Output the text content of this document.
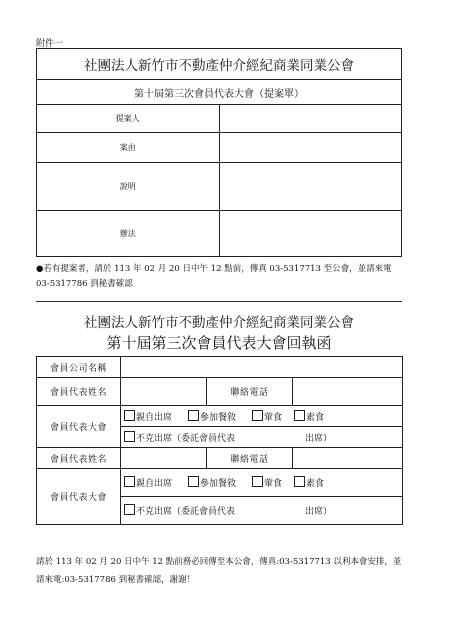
附件一
社團法人新竹市不動產仲介經紀商業同業公會	
第十屆第三次會員代表大會（提案單）	
提案人	
案由	
說明	
辦法	
●若有提案者，請於 113 年 02 月 20 日中午 12 點前，傳真 03-5317713 至公會，並請來電 03-5317786 到秘書確認
社團法人新竹市不動產仲介經紀商業同業公會
第十屆第三次會員代表大會回執函
會員公司名稱			
會員代表姓名		聯絡電話	
會員代表大會	親自出席 參加餐敘 葷食 素食		
	不克出席（委託會員代表 出席）		
會員代表姓名		聯絡電話	
會員代表大會	親自出席 參加餐敘 葷食 素食		
	不克出席（委託會員代表 出席）		
請於 113 年 02 月 20 日中午 12 點前務必回傳至本公會，傳真:03-5317713 以利本會安排，並請來電:03-5317786 到秘書確認，謝謝！
